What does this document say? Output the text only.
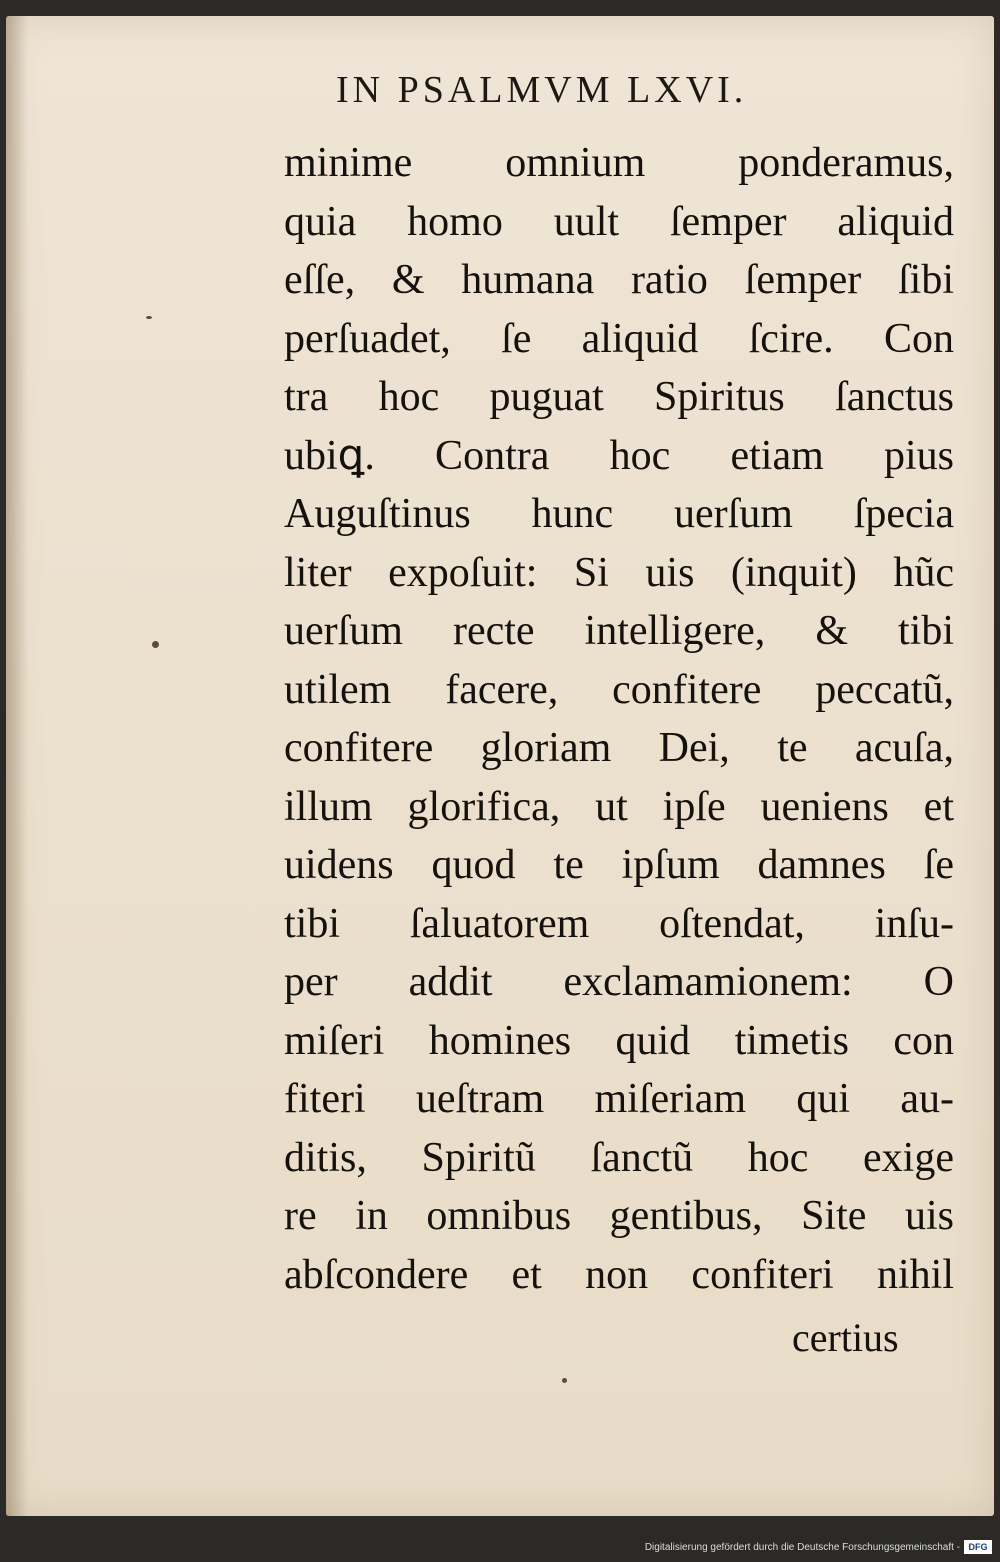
IN PSALMVM LXVI.
minime omnium ponderamus,
quia homo uult ſemper aliquid
eſſe, & humana ratio ſemper ſibi
perſuadet, ſe aliquid ſcire. Con
tra hoc puguat Spiritus ſanctus
ubiꝗ. Contra hoc etiam pius
Auguſtinus hunc uerſum ſpecia
liter expoſuit: Si uis (inquit) hũc
uerſum recte intelligere, & tibi
utilem facere, confitere peccatũ,
confitere gloriam Dei, te acuſa,
illum glorifica, ut ipſe ueniens et
uidens quod te ipſum damnes ſe
tibi ſaluatorem oſtendat, inſu-
per addit exclamamionem: O
miſeri homines quid timetis con
fiteri ueſtram miſeriam qui au-
ditis, Spiritũ ſanctũ hoc exige
re in omnibus gentibus, Site uis
abſcondere et non confiteri nihil
certius
Digitalisierung gefördert durch die Deutsche Forschungsgemeinschaft - DFG
